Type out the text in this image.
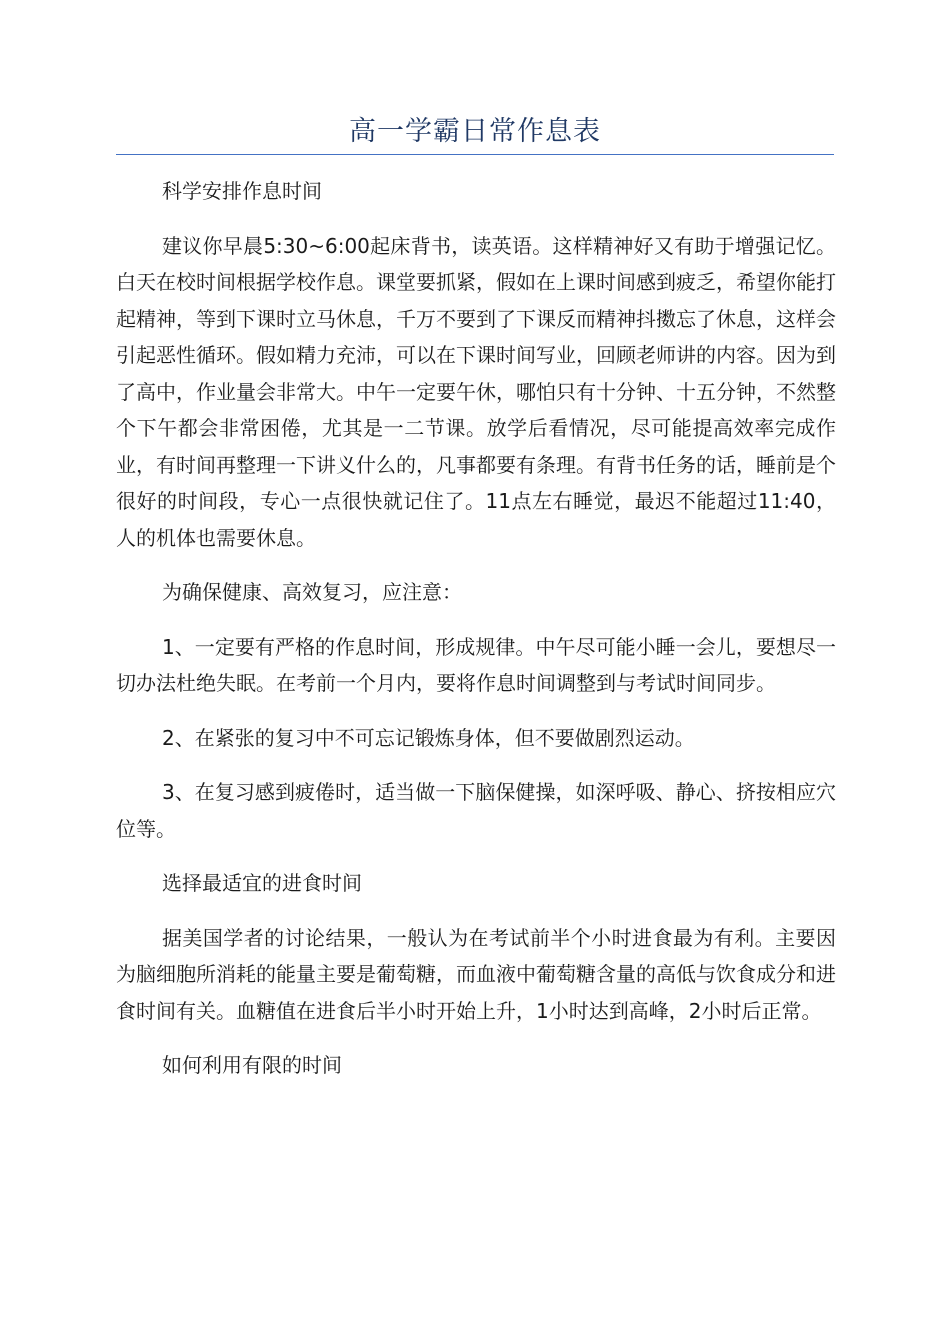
高一学霸日常作息表

科学安排作息时间

建议你早晨5:30~6:00起床背书，读英语。这样精神好又有助于增强记忆。白天在校时间根据学校作息。课堂要抓紧，假如在上课时间感到疲乏，希望你能打起精神，等到下课时立马休息，千万不要到了下课反而精神抖擞忘了休息，这样会引起恶性循环。假如精力充沛，可以在下课时间写业，回顾老师讲的内容。因为到了高中，作业量会非常大。中午一定要午休，哪怕只有十分钟、十五分钟，不然整个下午都会非常困倦，尤其是一二节课。放学后看情况，尽可能提高效率完成作业，有时间再整理一下讲义什么的，凡事都要有条理。有背书任务的话，睡前是个很好的时间段，专心一点很快就记住了。11点左右睡觉，最迟不能超过11:40，人的机体也需要休息。

为确保健康、高效复习，应注意：

1、一定要有严格的作息时间，形成规律。中午尽可能小睡一会儿，要想尽一切办法杜绝失眠。在考前一个月内，要将作息时间调整到与考试时间同步。

2、在紧张的复习中不可忘记锻炼身体，但不要做剧烈运动。

3、在复习感到疲倦时，适当做一下脑保健操，如深呼吸、静心、挤按相应穴位等。

选择最适宜的进食时间

据美国学者的讨论结果，一般认为在考试前半个小时进食最为有利。主要因为脑细胞所消耗的能量主要是葡萄糖，而血液中葡萄糖含量的高低与饮食成分和进食时间有关。血糖值在进食后半小时开始上升，1小时达到高峰，2小时后正常。

如何利用有限的时间
